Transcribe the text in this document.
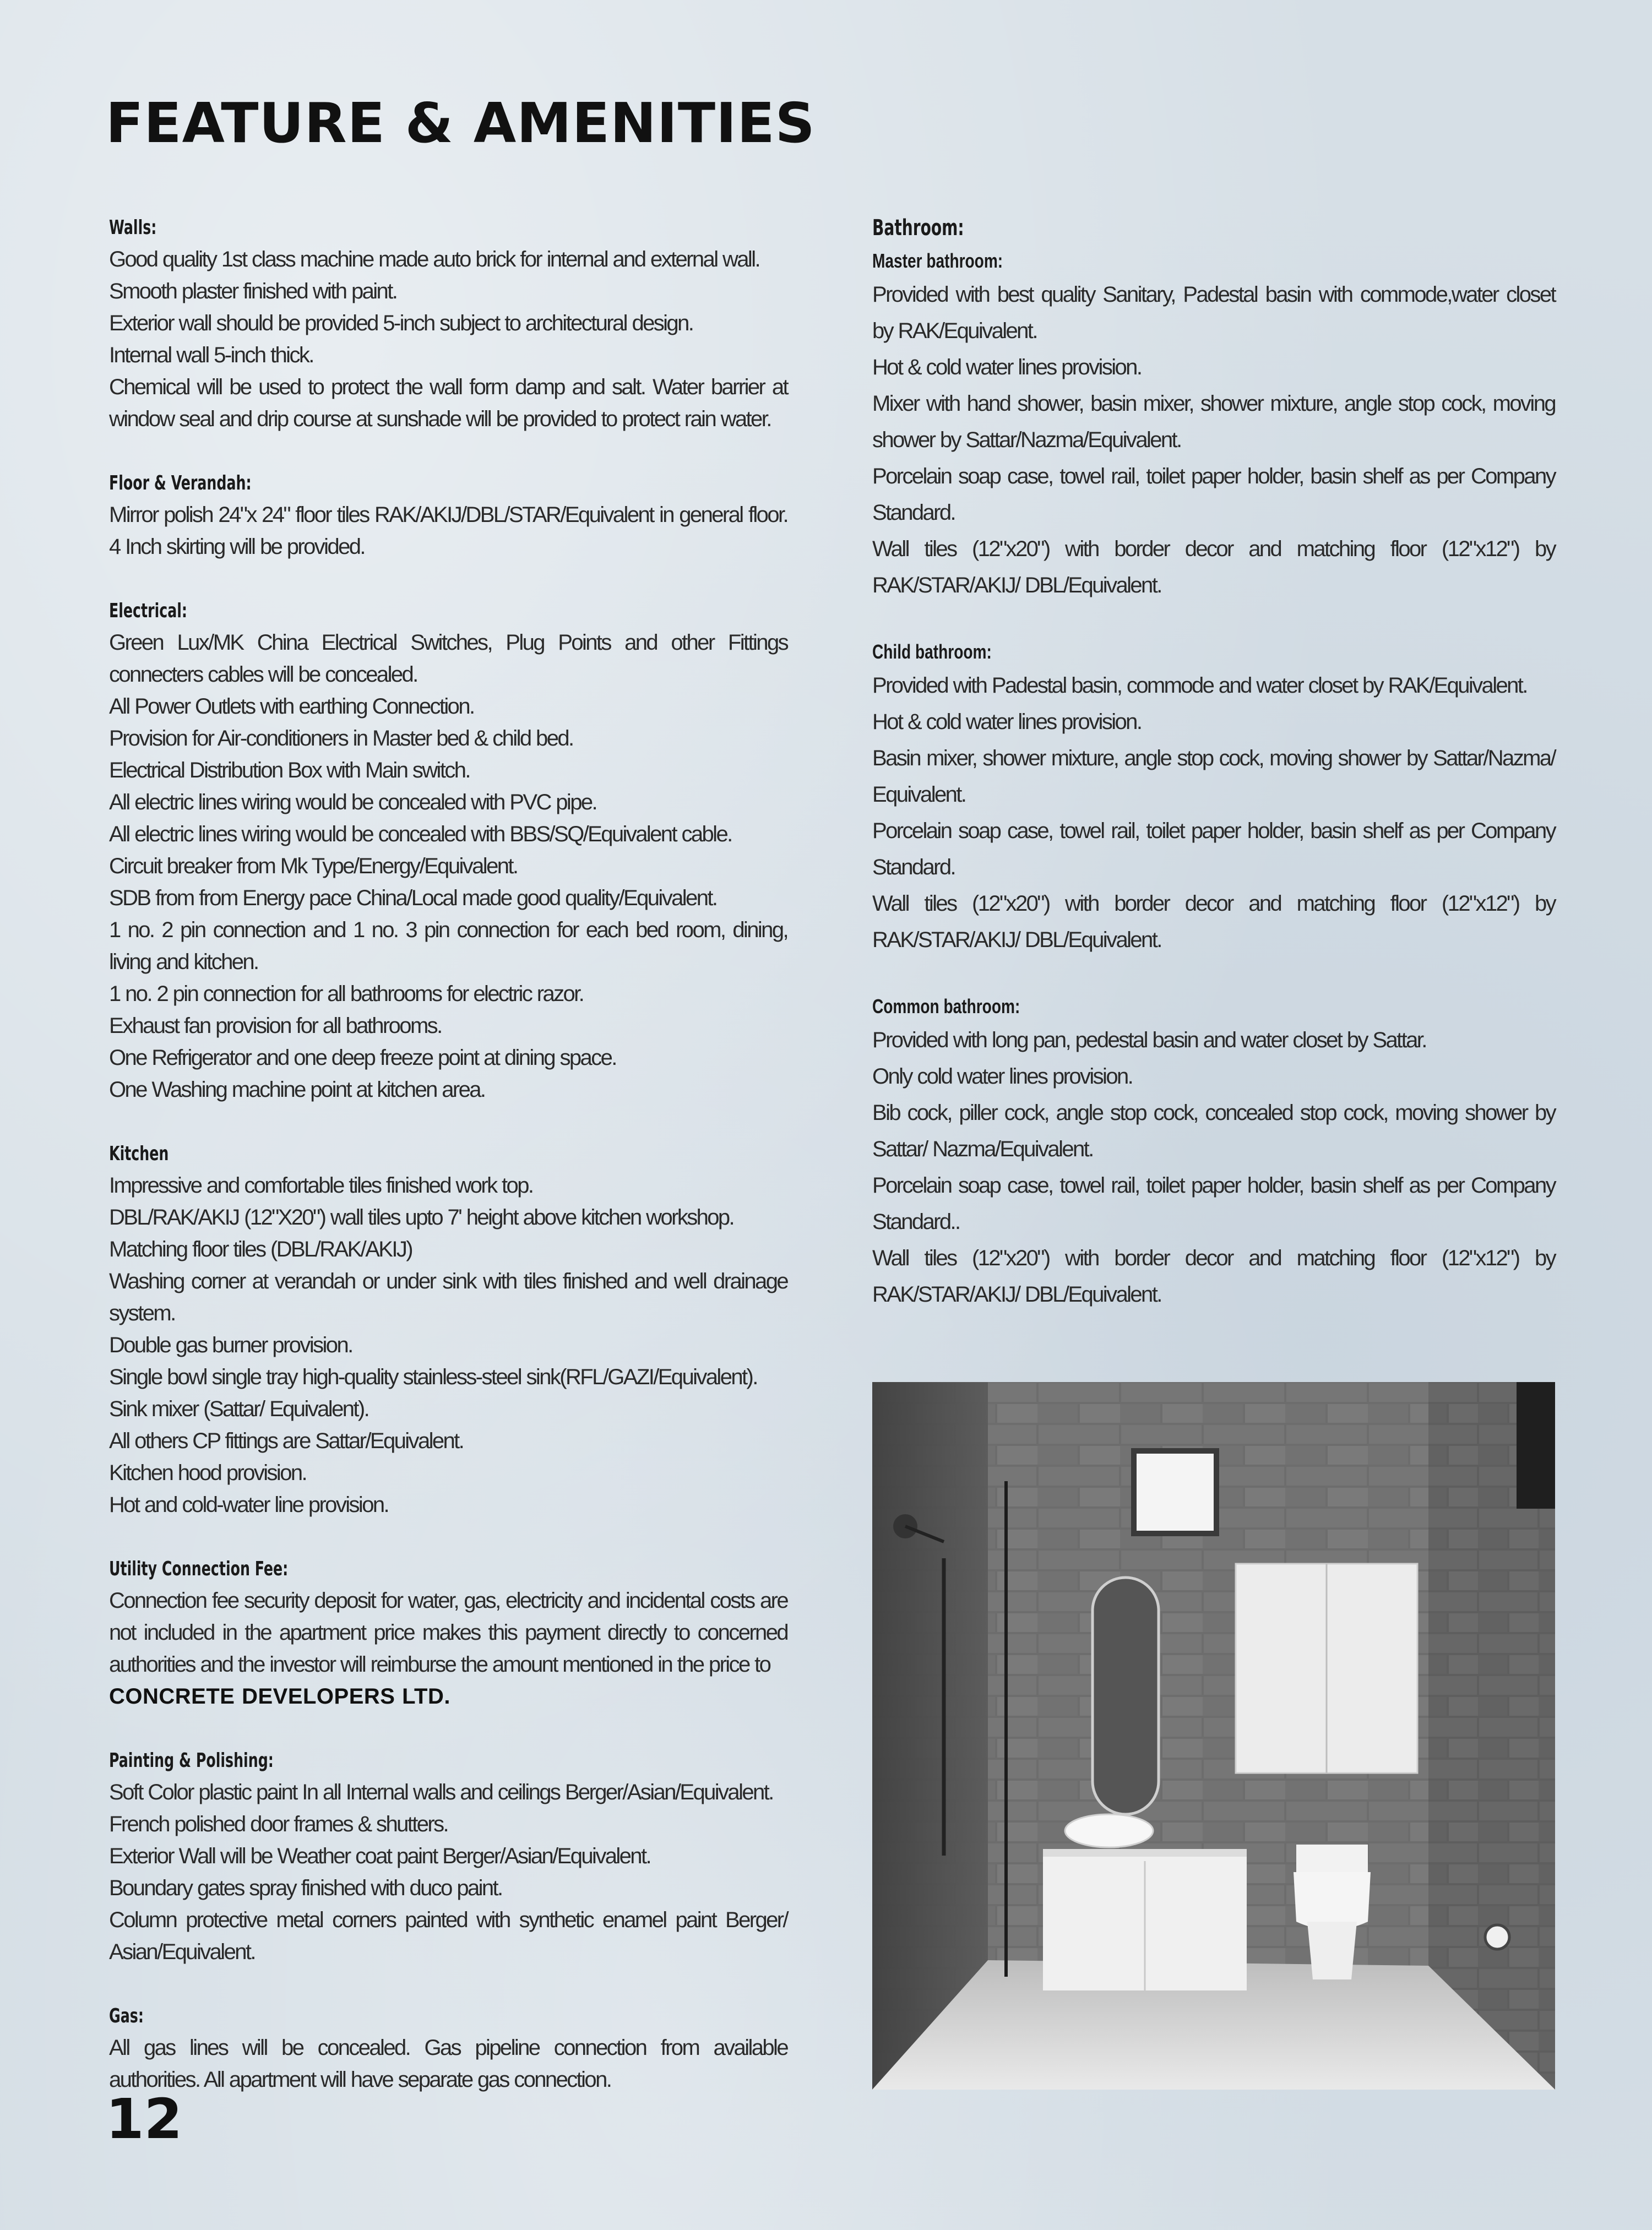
FEATURE & AMENITIES
Walls:

Good quality 1st class machine made auto brick for internal and external wall.

Smooth plaster finished with paint.

Exterior wall should be provided 5-inch subject to architectural design.

Internal wall 5-inch thick.

Chemical will be used to protect the wall form damp and salt. Water barrier at window seal and drip course at sunshade will be provided to protect rain water.

Floor & Verandah:

Mirror polish 24"x 24" floor tiles RAK/AKIJ/DBL/STAR/Equivalent in general floor. 4 Inch skirting will be provided.

Electrical:

Green Lux/MK China Electrical Switches, Plug Points and other Fittings connecters cables will be concealed.

All Power Outlets with earthing Connection.

Provision for Air-conditioners in Master bed & child bed.

Electrical Distribution Box with Main switch.

All electric lines wiring would be concealed with PVC pipe.

All electric lines wiring would be concealed with BBS/SQ/Equivalent cable.

Circuit breaker from Mk Type/Energy/Equivalent.

SDB from from Energy pace China/Local made good quality/Equivalent.

1 no. 2 pin connection and 1 no. 3 pin connection for each bed room, dining, living and kitchen.

1 no. 2 pin connection for all bathrooms for electric razor.

Exhaust fan provision for all bathrooms.

One Refrigerator and one deep freeze point at dining space.

One Washing machine point at kitchen area.

Kitchen

Impressive and comfortable tiles finished work top.

DBL/RAK/AKIJ (12"X20") wall tiles upto 7' height above kitchen workshop.

Matching floor tiles (DBL/RAK/AKIJ)

Washing corner at verandah or under sink with tiles finished and well drainage system.

Double gas burner provision.

Single bowl single tray high-quality stainless-steel sink(RFL/GAZI/Equivalent).

Sink mixer (Sattar/ Equivalent).

All others CP fittings are Sattar/Equivalent.

Kitchen hood provision.

Hot and cold-water line provision.

Utility Connection Fee:

Connection fee security deposit for water, gas, electricity and incidental costs are not included in the apartment price makes this payment directly to concerned authorities and the investor will reimburse the amount mentioned in the price to

CONCRETE DEVELOPERS LTD.

Painting & Polishing:

Soft Color plastic paint In all Internal walls and ceilings Berger/Asian/Equivalent.

French polished door frames & shutters.

Exterior Wall will be Weather coat paint Berger/Asian/Equivalent.

Boundary gates spray finished with duco paint.

Column protective metal corners painted with synthetic enamel paint Berger/ Asian/Equivalent.

Gas:

All gas lines will be concealed. Gas pipeline connection from available authorities. All apartment will have separate gas connection.

Bathroom:
Master bathroom:

Provided with best quality Sanitary, Padestal basin with commode,water closet by RAK/Equivalent.

Hot & cold water lines provision.

Mixer with hand shower, basin mixer, shower mixture, angle stop cock, moving shower by Sattar/Nazma/Equivalent.

Porcelain soap case, towel rail, toilet paper holder, basin shelf as per Company Standard.

Wall tiles (12"x20") with border decor and matching floor (12"x12") by RAK/STAR/AKIJ/ DBL/Equivalent.

Child bathroom:

Provided with Padestal basin, commode and water closet by RAK/Equivalent.

Hot & cold water lines provision.

Basin mixer, shower mixture, angle stop cock, moving shower by Sattar/Nazma/ Equivalent.

Porcelain soap case, towel rail, toilet paper holder, basin shelf as per Company Standard.

Wall tiles (12"x20") with border decor and matching floor (12"x12") by RAK/STAR/AKIJ/ DBL/Equivalent.

Common bathroom:

Provided with long pan, pedestal basin and water closet by Sattar.

Only cold water lines provision.

Bib cock, piller cock, angle stop cock, concealed stop cock, moving shower by Sattar/ Nazma/Equivalent.

Porcelain soap case, towel rail, toilet paper holder, basin shelf as per Company Standard..

Wall tiles (12"x20") with border decor and matching floor (12"x12") by RAK/STAR/AKIJ/ DBL/Equivalent.

12
